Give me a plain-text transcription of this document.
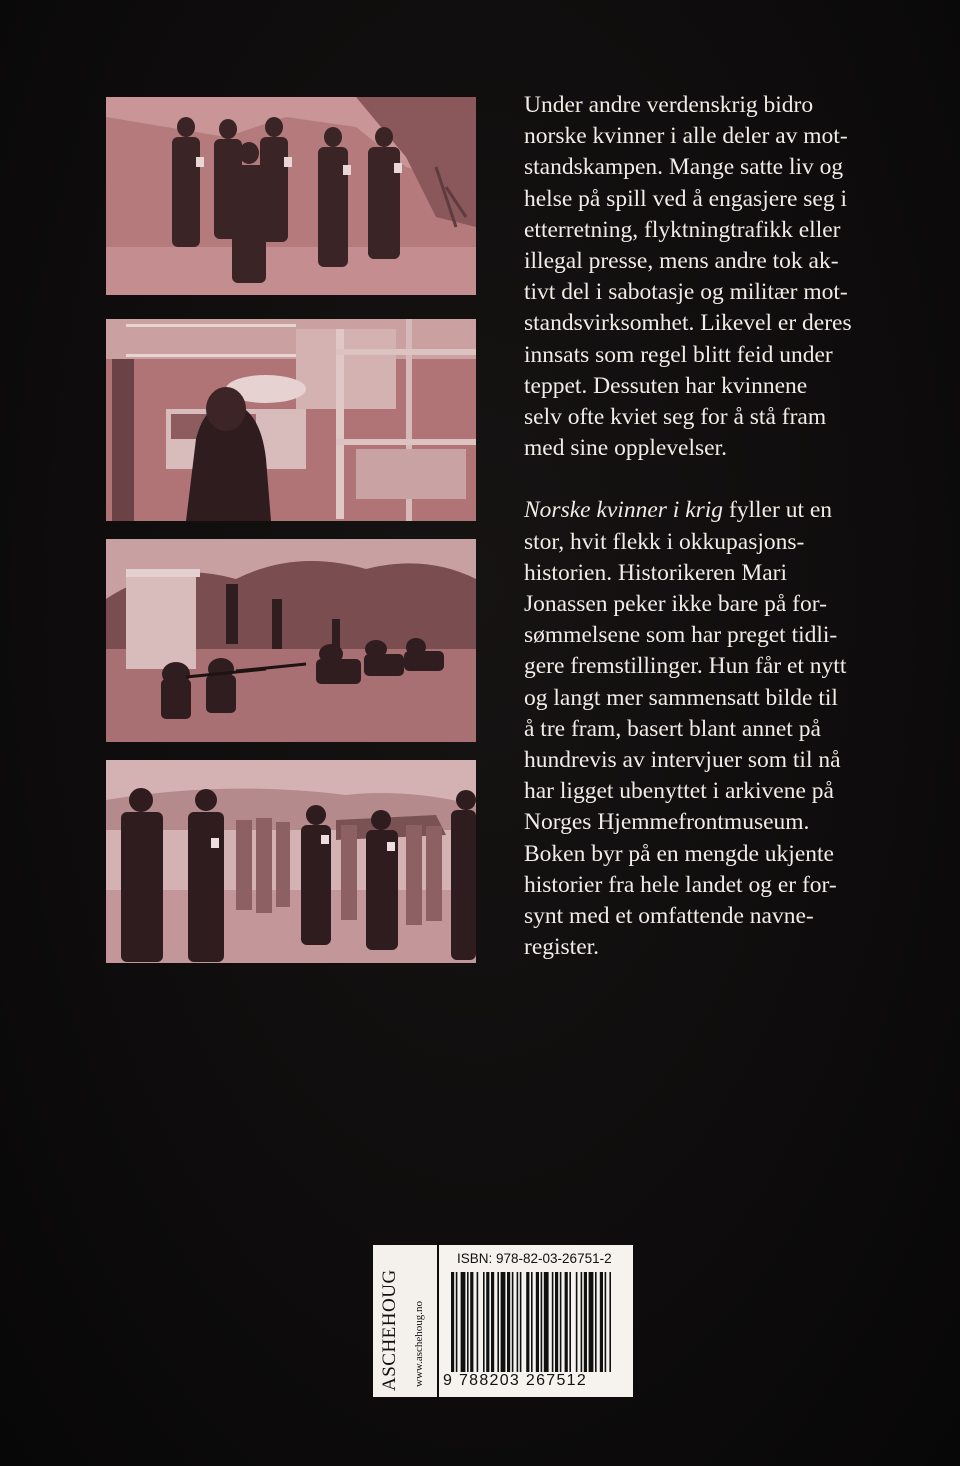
Under andre verdenskrig bidro
norske kvinner i alle deler av mot-
standskampen. Mange satte liv og
helse på spill ved å engasjere seg i
etterretning, flyktningtrafikk eller
illegal presse, mens andre tok ak-
tivt del i sabotasje og militær mot-
standsvirksomhet. Likevel er deres
innsats som regel blitt feid under
teppet. Dessuten har kvinnene
selv ofte kviet seg for å stå fram
med sine opplevelser.

Norske kvinner i krig fyller ut en
stor, hvit flekk i okkupasjons-
historien. Historikeren Mari
Jonassen peker ikke bare på for-
sømmelsene som har preget tidli-
gere fremstillinger. Hun får et nytt
og langt mer sammensatt bilde til
å tre fram, basert blant annet på
hundrevis av intervjuer som til nå
har ligget ubenyttet i arkivene på
Norges Hjemmefrontmuseum.
Boken byr på en mengde ukjente
historier fra hele landet og er for-
synt med et omfattende navne-
register.

ASCHEHOUG www.aschehoug.no
ISBN: 978-82-03-26751-2
9 788203 267512
